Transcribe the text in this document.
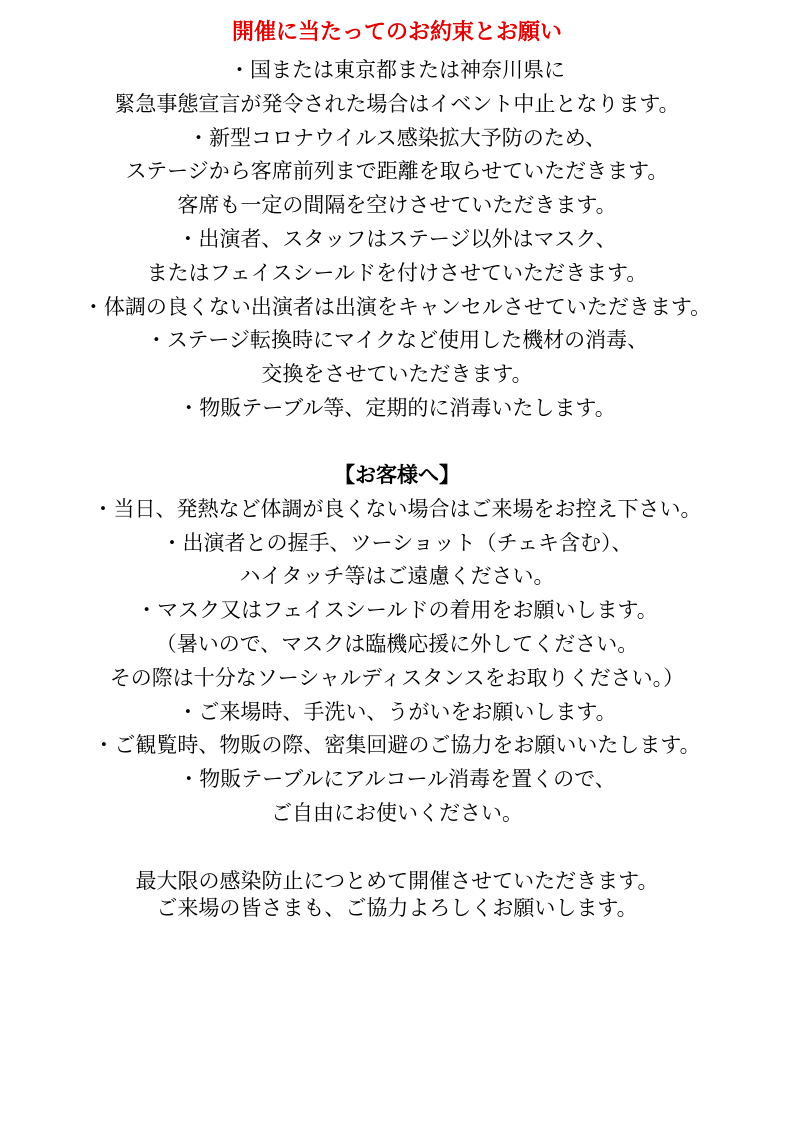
開催に当たってのお約束とお願い
・国または東京都または神奈川県に
緊急事態宣言が発令された場合はイベント中止となります。
・新型コロナウイルス感染拡大予防のため、
ステージから客席前列まで距離を取らせていただきます。
客席も一定の間隔を空けさせていただきます。
・出演者、スタッフはステージ以外はマスク、
またはフェイスシールドを付けさせていただきます。
・体調の良くない出演者は出演をキャンセルさせていただきます。
・ステージ転換時にマイクなど使用した機材の消毒、
交換をさせていただきます。
・物販テーブル等、定期的に消毒いたします。
【お客様へ】
・当日、発熱など体調が良くない場合はご来場をお控え下さい。
・出演者との握手、ツーショット（チェキ含む）、
ハイタッチ等はご遠慮ください。
・マスク又はフェイスシールドの着用をお願いします。
（暑いので、マスクは臨機応援に外してください。
その際は十分なソーシャルディスタンスをお取りください。）
・ご来場時、手洗い、うがいをお願いします。
・ご観覧時、物販の際、密集回避のご協力をお願いいたします。
・物販テーブルにアルコール消毒を置くので、
ご自由にお使いください。
最大限の感染防止につとめて開催させていただきます。
ご来場の皆さまも、ご協力よろしくお願いします。
